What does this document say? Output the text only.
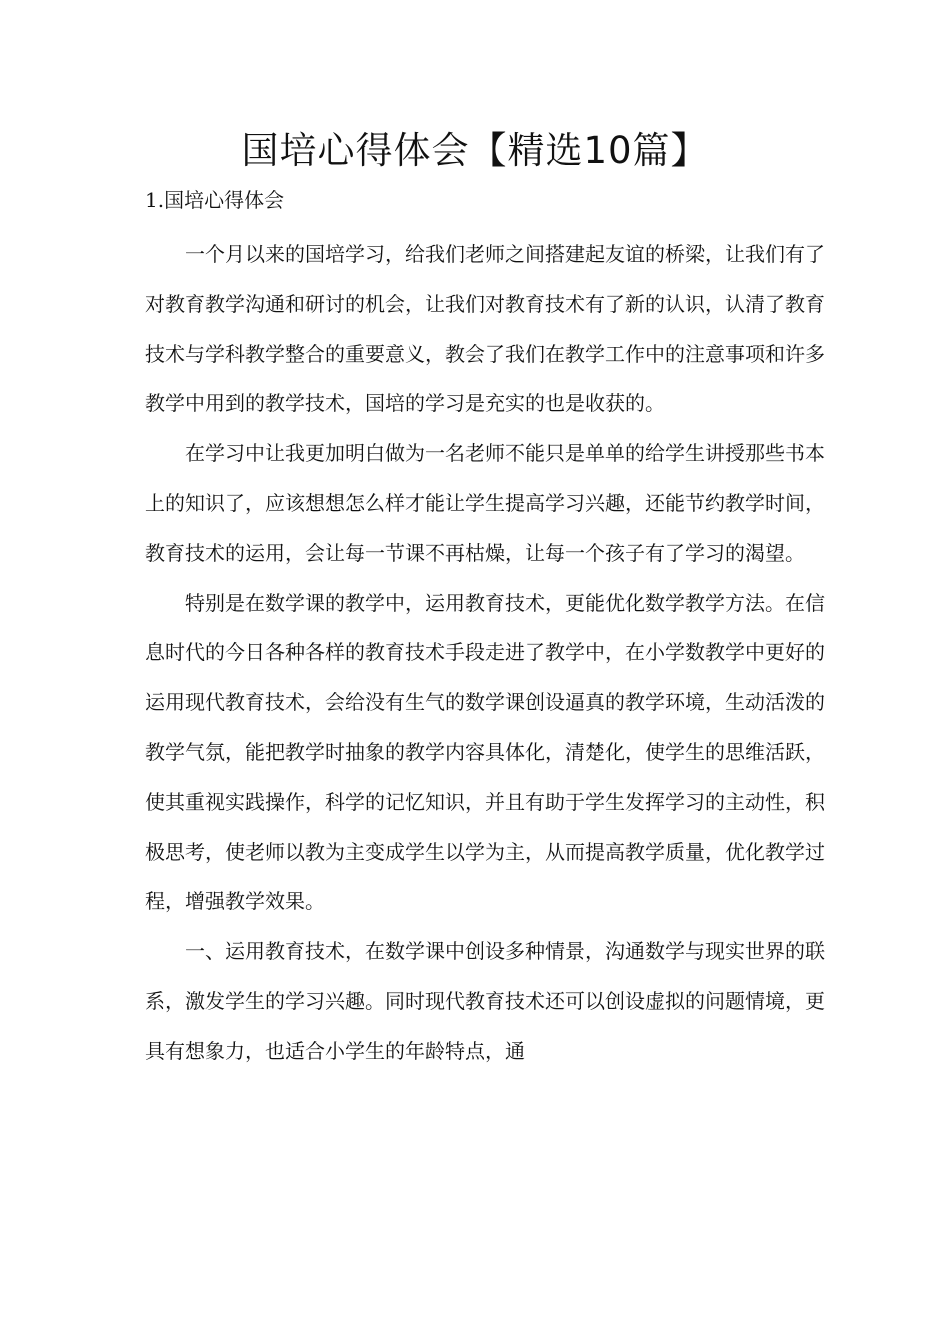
国培心得体会【精选10篇】
1.国培心得体会

一个月以来的国培学习，给我们老师之间搭建起友谊的桥梁，让我们有了对教育教学沟通和研讨的机会，让我们对教育技术有了新的认识，认清了教育技术与学科教学整合的重要意义，教会了我们在教学工作中的注意事项和许多教学中用到的教学技术，国培的学习是充实的也是收获的。

在学习中让我更加明白做为一名老师不能只是单单的给学生讲授那些书本上的知识了，应该想想怎么样才能让学生提高学习兴趣，还能节约教学时间，教育技术的运用，会让每一节课不再枯燥，让每一个孩子有了学习的渴望。

特别是在数学课的教学中，运用教育技术，更能优化数学教学方法。在信息时代的今日各种各样的教育技术手段走进了教学中，在小学数教学中更好的运用现代教育技术，会给没有生气的数学课创设逼真的教学环境，生动活泼的教学气氛，能把教学时抽象的教学内容具体化，清楚化，使学生的思维活跃，使其重视实践操作，科学的记忆知识，并且有助于学生发挥学习的主动性，积极思考，使老师以教为主变成学生以学为主，从而提高教学质量，优化教学过程，增强教学效果。

一、运用教育技术，在数学课中创设多种情景，沟通数学与现实世界的联系，激发学生的学习兴趣。同时现代教育技术还可以创设虚拟的问题情境，更具有想象力，也适合小学生的年龄特点，通
